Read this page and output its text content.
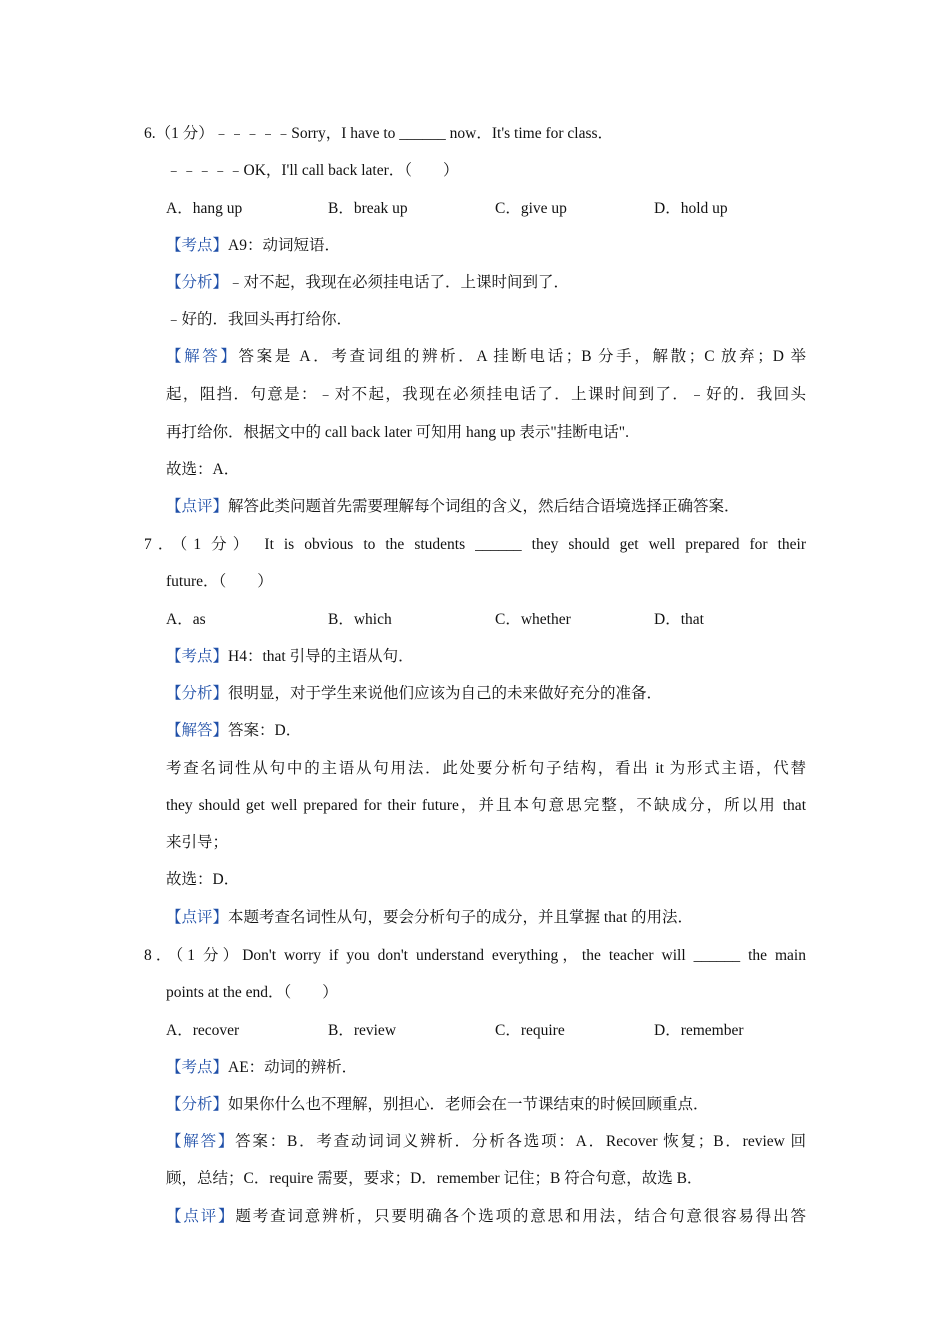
6.（1 分）﹣﹣﹣﹣﹣Sorry，I have to ______ now．It's time for class．
﹣﹣﹣﹣﹣OK，I'll call back later．（　　）
A．hang up	B．break up	C．give up	D．hold up
【考点】A9：动词短语．
【分析】﹣对不起，我现在必须挂电话了．上课时间到了．
﹣好的．我回头再打给你．
【解答】答案是 A．考查词组的辨析．A 挂断电话；B 分手，解散；C 放弃；D 举
起，阻挡．句意是：﹣对不起，我现在必须挂电话了．上课时间到了．﹣好的．我回头
再打给你．根据文中的 call back later 可知用 hang up 表示"挂断电话".
故选：A．
【点评】解答此类问题首先需要理解每个词组的含义，然后结合语境选择正确答案．
7．（1 分） It is obvious to the students ______ they should get well prepared for their
future．（　　）
A．as	B．which	C．whether	D．that
【考点】H4：that 引导的主语从句．
【分析】很明显，对于学生来说他们应该为自己的未来做好充分的准备．
【解答】答案：D．
考查名词性从句中的主语从句用法．此处要分析句子结构，看出 it 为形式主语，代替
they should get well prepared for their future，并且本句意思完整，不缺成分，所以用 that
来引导；
故选：D．
【点评】本题考查名词性从句，要会分析句子的成分，并且掌握 that 的用法．
8．（1 分）Don't worry if you don't understand everything，the teacher will ______ the main
points at the end．（　　）
A．recover	B．review	C．require	D．remember
【考点】AE：动词的辨析．
【分析】如果你什么也不理解，别担心．老师会在一节课结束的时候回顾重点．
【解答】答案：B．考查动词词义辨析．分析各选项：A．Recover 恢复；B．review 回
顾，总结；C．require 需要，要求；D．remember 记住；B 符合句意，故选 B．
【点评】题考查词意辨析，只要明确各个选项的意思和用法，结合句意很容易得出答
